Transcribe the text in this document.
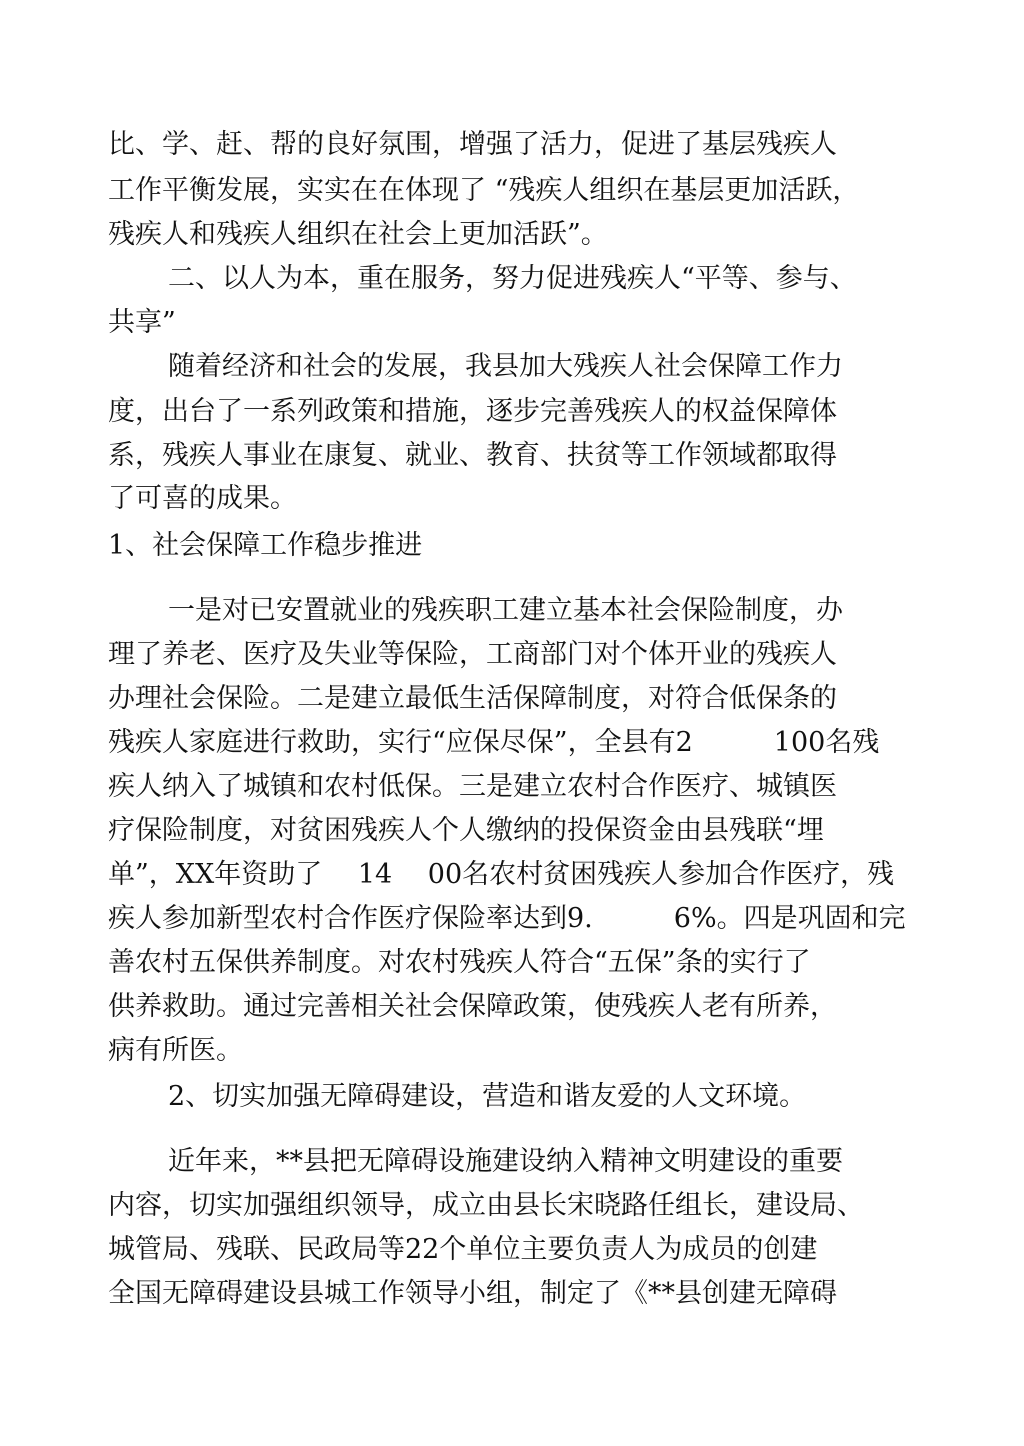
比、学、赶、帮的良好氛围，增强了活力，促进了基层残疾人

工作平衡发展，实实在在体现了 “残疾人组织在基层更加活跃，

残疾人和残疾人组织在社会上更加活跃”。

二、以人为本，重在服务，努力促进残疾人“平等、参与、

共享”

随着经济和社会的发展，我县加大残疾人社会保障工作力

度，出台了一系列政策和措施，逐步完善残疾人的权益保障体

系，残疾人事业在康复、就业、教育、扶贫等工作领域都取得

了可喜的成果。

1、社会保障工作稳步推进

一是对已安置就业的残疾职工建立基本社会保险制度，办

理了养老、医疗及失业等保险，工商部门对个体开业的残疾人

办理社会保险。二是建立最低生活保障制度，对符合低保条的

残疾人家庭进行救助，实行“应保尽保”，全县有2　　　100名残

疾人纳入了城镇和农村低保。三是建立农村合作医疗、城镇医

疗保险制度，对贫困残疾人个人缴纳的投保资金由县残联“埋

单”，XX年资助了　 14　 00名农村贫困残疾人参加合作医疗，残

疾人参加新型农村合作医疗保险率达到9.　　　6%。四是巩固和完

善农村五保供养制度。对农村残疾人符合“五保”条的实行了

供养救助。通过完善相关社会保障政策，使残疾人老有所养，

病有所医。

2、切实加强无障碍建设，营造和谐友爱的人文环境。

近年来，**县把无障碍设施建设纳入精神文明建设的重要

内容，切实加强组织领导，成立由县长宋晓路任组长，建设局、

城管局、残联、民政局等22个单位主要负责人为成员的创建

全国无障碍建设县城工作领导小组，制定了《**县创建无障碍
